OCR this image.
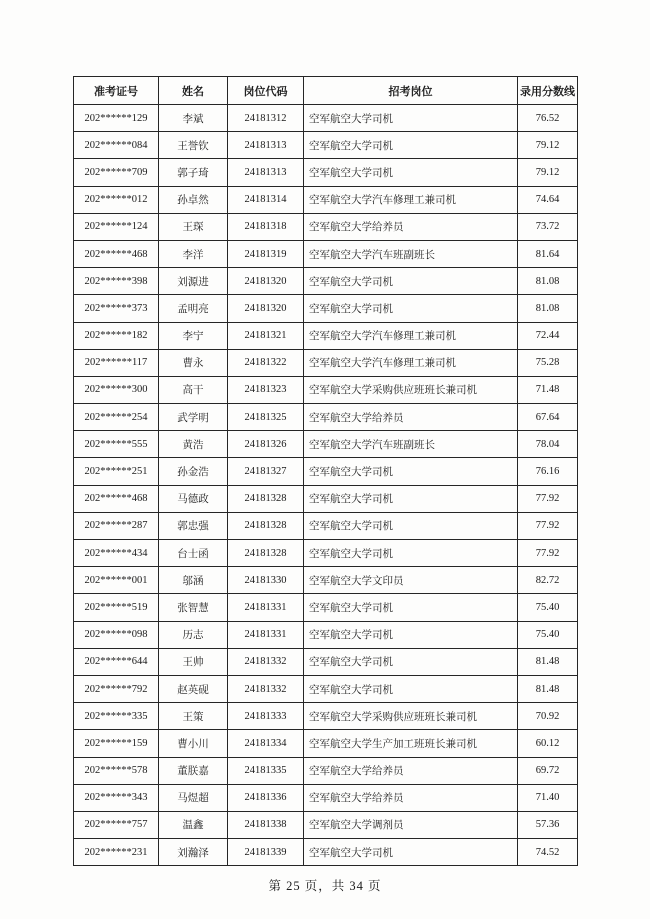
准考证号	姓名	岗位代码	招考岗位	录用分数线
202******129	李斌	24181312	空军航空大学司机	76.52
202******084	王誉钦	24181313	空军航空大学司机	79.12
202******709	郭子琦	24181313	空军航空大学司机	79.12
202******012	孙卓然	24181314	空军航空大学汽车修理工兼司机	74.64
202******124	王琛	24181318	空军航空大学给养员	73.72
202******468	李洋	24181319	空军航空大学汽车班副班长	81.64
202******398	刘源进	24181320	空军航空大学司机	81.08
202******373	孟明亮	24181320	空军航空大学司机	81.08
202******182	李宁	24181321	空军航空大学汽车修理工兼司机	72.44
202******117	曹永	24181322	空军航空大学汽车修理工兼司机	75.28
202******300	高干	24181323	空军航空大学采购供应班班长兼司机	71.48
202******254	武学明	24181325	空军航空大学给养员	67.64
202******555	黄浩	24181326	空军航空大学汽车班副班长	78.04
202******251	孙金浩	24181327	空军航空大学司机	76.16
202******468	马德政	24181328	空军航空大学司机	77.92
202******287	郭忠强	24181328	空军航空大学司机	77.92
202******434	台士函	24181328	空军航空大学司机	77.92
202******001	邬涵	24181330	空军航空大学文印员	82.72
202******519	张智慧	24181331	空军航空大学司机	75.40
202******098	历志	24181331	空军航空大学司机	75.40
202******644	王帅	24181332	空军航空大学司机	81.48
202******792	赵英砚	24181332	空军航空大学司机	81.48
202******335	王策	24181333	空军航空大学采购供应班班长兼司机	70.92
202******159	曹小川	24181334	空军航空大学生产加工班班长兼司机	60.12
202******578	董朕嘉	24181335	空军航空大学给养员	69.72
202******343	马煜超	24181336	空军航空大学给养员	71.40
202******757	温鑫	24181338	空军航空大学调剂员	57.36
202******231	刘瀚泽	24181339	空军航空大学司机	74.52
第 25 页，共 34 页
